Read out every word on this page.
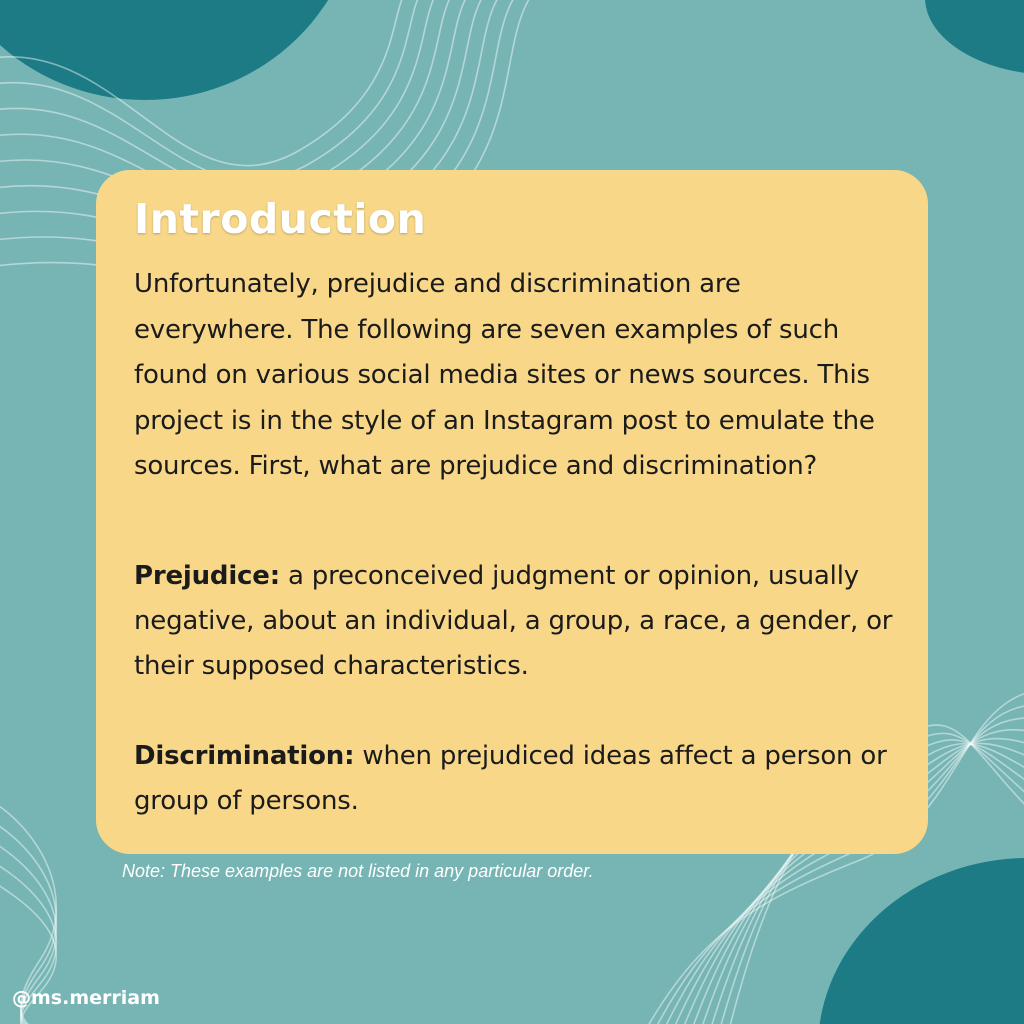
Introduction

Unfortunately, prejudice and discrimination are everywhere. The following are seven examples of such found on various social media sites or news sources. This project is in the style of an Instagram post to emulate the sources. First, what are prejudice and discrimination?

Prejudice: a preconceived judgment or opinion, usually negative, about an individual, a group, a race, a gender, or their supposed characteristics.

Discrimination: when prejudiced ideas affect a person or group of persons.

Note: These examples are not listed in any particular order.

@ms.merriam
